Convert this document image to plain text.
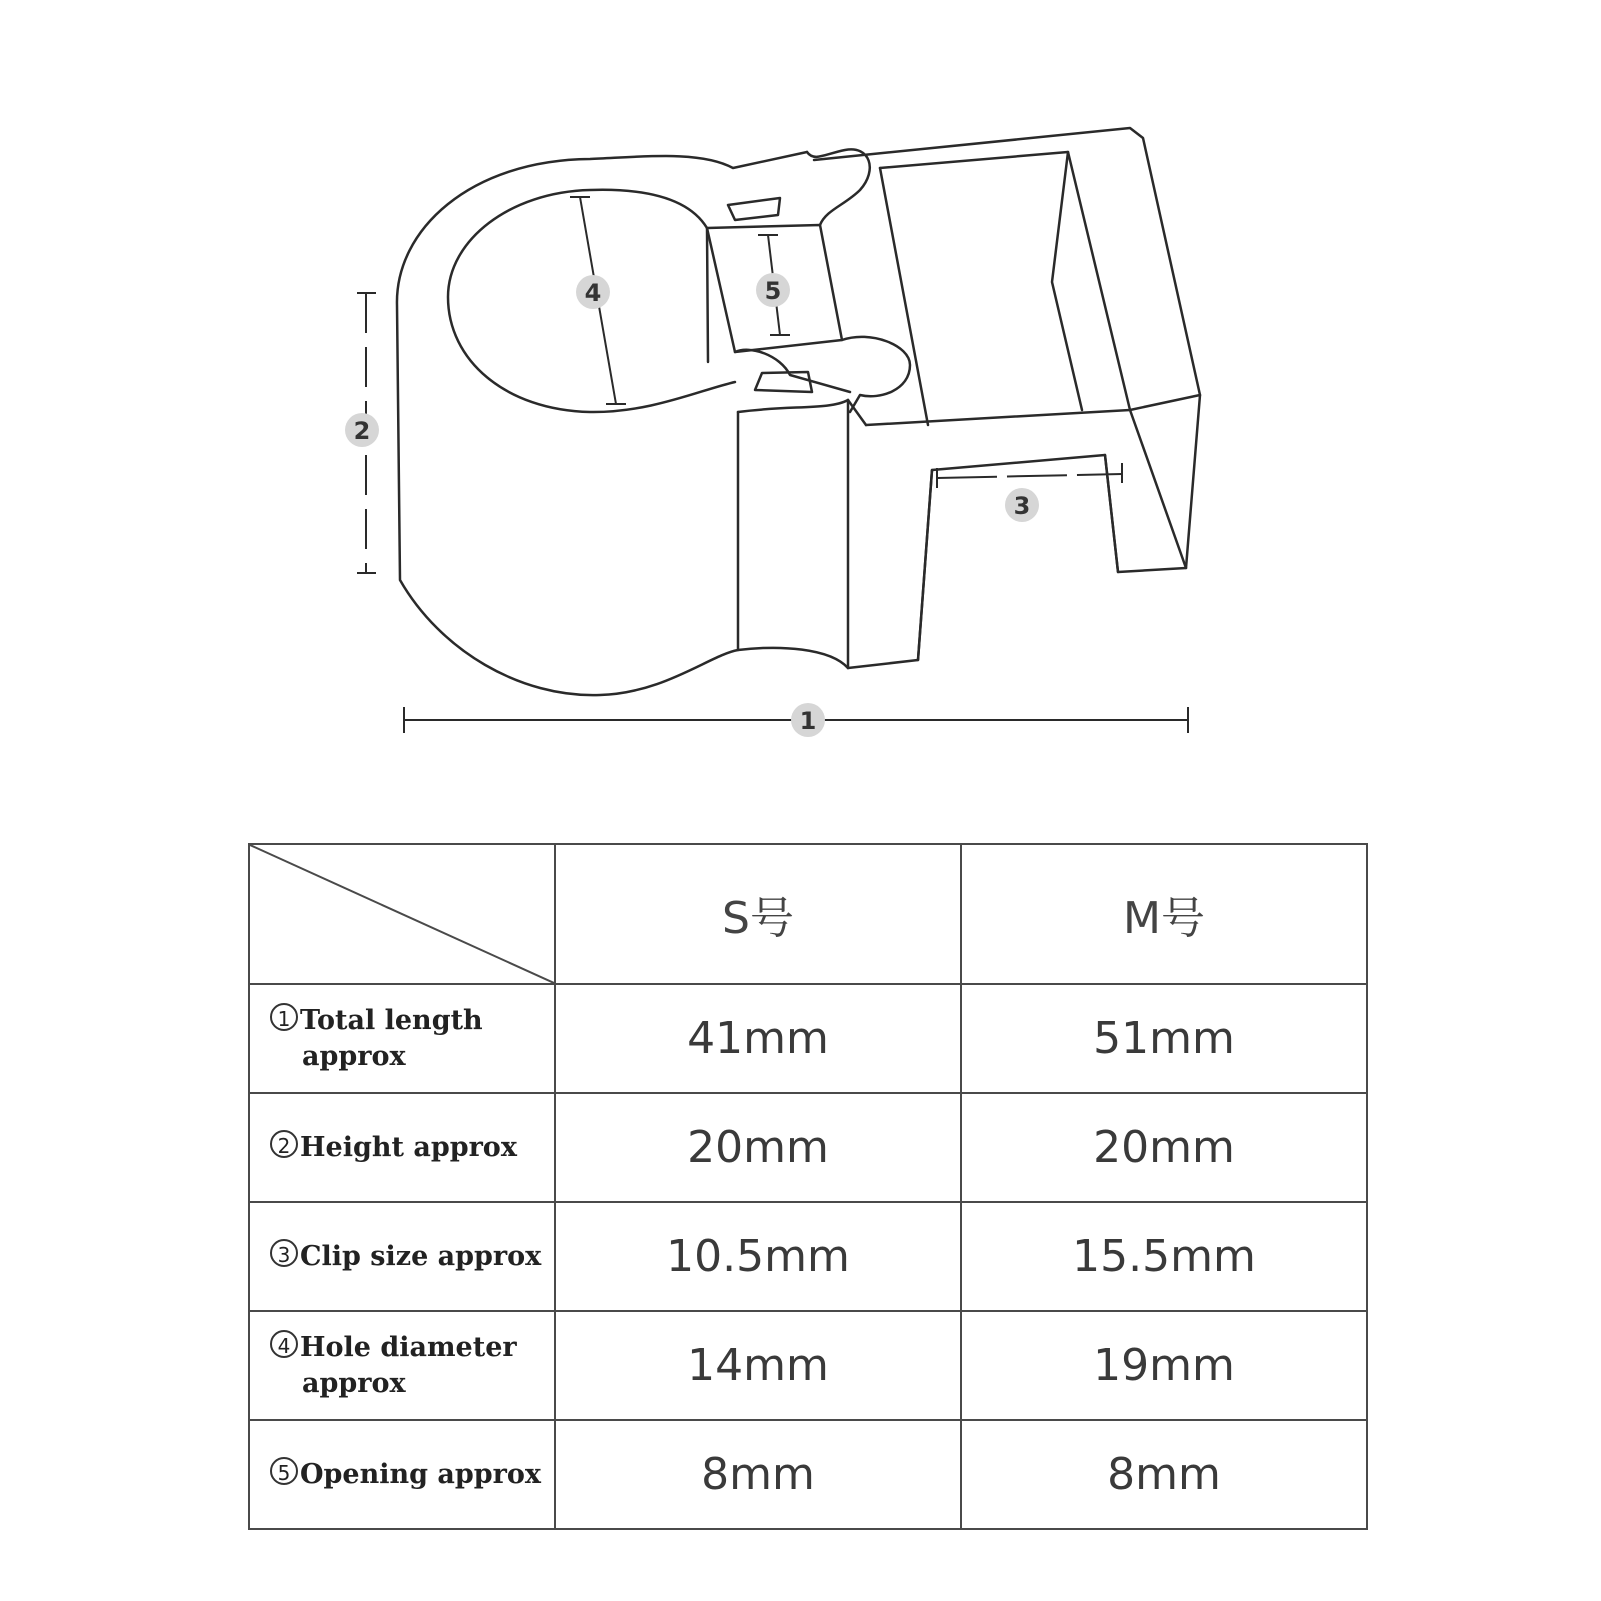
1
2
3
4	5
	S号	M号
1 Total length
approx	41mm	51mm
2 Height approx	20mm	20mm
3 Clip size approx	10.5mm	15.5mm
4 Hole diameter
approx	14mm	19mm
5 Opening approx	8mm	8mm
